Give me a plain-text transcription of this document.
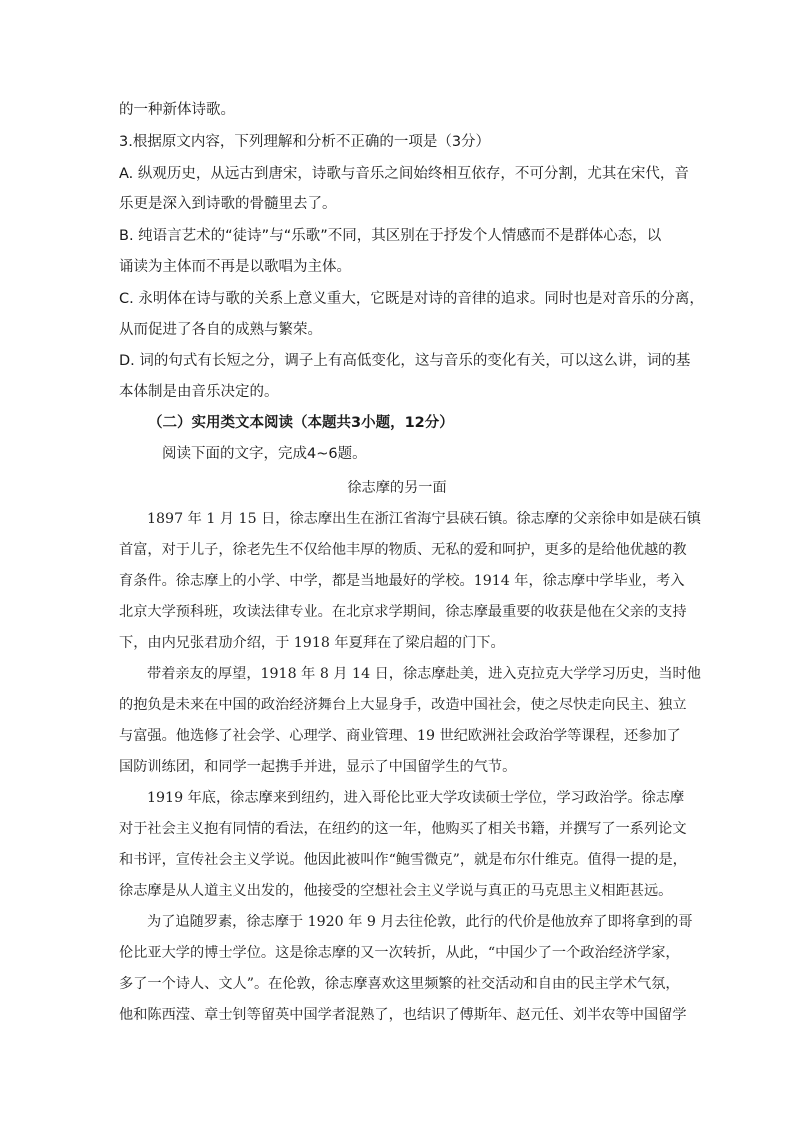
的一种新体诗歌。
3.根据原文内容，下列理解和分析不正确的一项是（3分）
A. 纵观历史，从远古到唐宋，诗歌与音乐之间始终相互依存，不可分割，尤其在宋代，音
乐更是深入到诗歌的骨髓里去了。
B. 纯语言艺术的“徒诗”与“乐歌”不同，其区别在于抒发个人情感而不是群体心态，以
诵读为主体而不再是以歌唱为主体。
C. 永明体在诗与歌的关系上意义重大，它既是对诗的音律的追求。同时也是对音乐的分离，
从而促进了各自的成熟与繁荣。
D. 词的句式有长短之分，调子上有高低变化，这与音乐的变化有关，可以这么讲，词的基
本体制是由音乐决定的。
（二）实用类文本阅读（本题共3小题，12分）
阅读下面的文字，完成4~6题。
徐志摩的另一面
1897 年 1 月 15 日，徐志摩出生在浙江省海宁县硖石镇。徐志摩的父亲徐申如是硖石镇
首富，对于儿子，徐老先生不仅给他丰厚的物质、无私的爱和呵护，更多的是给他优越的教
育条件。徐志摩上的小学、中学，都是当地最好的学校。1914 年，徐志摩中学毕业，考入
北京大学预科班，攻读法律专业。在北京求学期间，徐志摩最重要的收获是他在父亲的支持
下，由内兄张君劢介绍，于 1918 年夏拜在了梁启超的门下。
带着亲友的厚望，1918 年 8 月 14 日，徐志摩赴美，进入克拉克大学学习历史，当时他
的抱负是未来在中国的政治经济舞台上大显身手，改造中国社会，使之尽快走向民主、独立
与富强。他选修了社会学、心理学、商业管理、19 世纪欧洲社会政治学等课程，还参加了
国防训练团，和同学一起携手并进，显示了中国留学生的气节。
1919 年底，徐志摩来到纽约，进入哥伦比亚大学攻读硕士学位，学习政治学。徐志摩
对于社会主义抱有同情的看法，在纽约的这一年，他购买了相关书籍，并撰写了一系列论文
和书评，宣传社会主义学说。他因此被叫作“鲍雪微克”，就是布尔什维克。值得一提的是，
徐志摩是从人道主义出发的，他接受的空想社会主义学说与真正的马克思主义相距甚远。
为了追随罗素，徐志摩于 1920 年 9 月去往伦敦，此行的代价是他放弃了即将拿到的哥
伦比亚大学的博士学位。这是徐志摩的又一次转折，从此，“中国少了一个政治经济学家，
多了一个诗人、文人”。在伦敦，徐志摩喜欢这里频繁的社交活动和自由的民主学术气氛，
他和陈西滢、章士钊等留英中国学者混熟了，也结识了傅斯年、赵元任、刘半农等中国留学
